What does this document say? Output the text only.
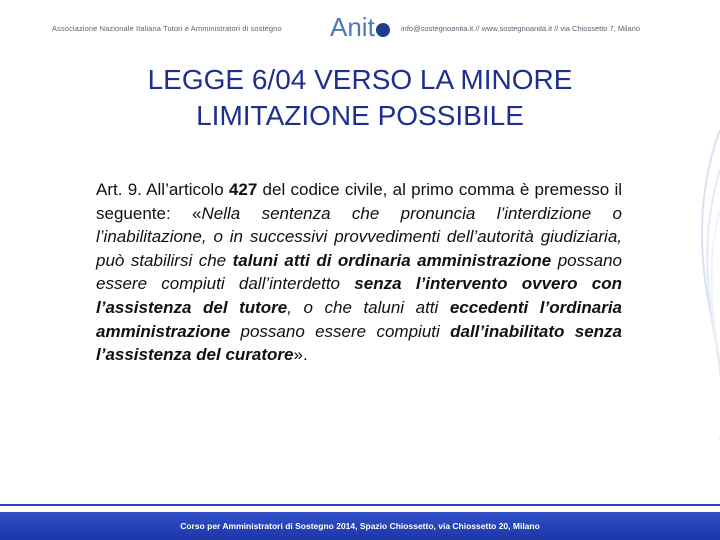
Associazione Nazionale Italiana Tutori e Amministratori di sostegno Anit	info@sostegnoanita.it // www.sostegnoanita.it // via Chiossetto 7, Milano
LEGGE 6/04 VERSO LA MINORE
LIMITAZIONE POSSIBILE
Art. 9. All’articolo 427 del codice civile, al primo comma è premesso il seguente: «Nella sentenza che pronuncia l’interdizione o l’inabilitazione, o in successivi provvedimenti dell’autorità giudiziaria, può stabilirsi che taluni atti di ordinaria amministrazione possano essere compiuti dall’interdetto senza l’intervento ovvero con l’assistenza del tutore, o che taluni atti eccedenti l’ordinaria amministrazione possano essere compiuti dall’inabilitato senza l’assistenza del curatore».
Corso per Amministratori di Sostegno 2014, Spazio Chiossetto, via Chiossetto 20, Milano
